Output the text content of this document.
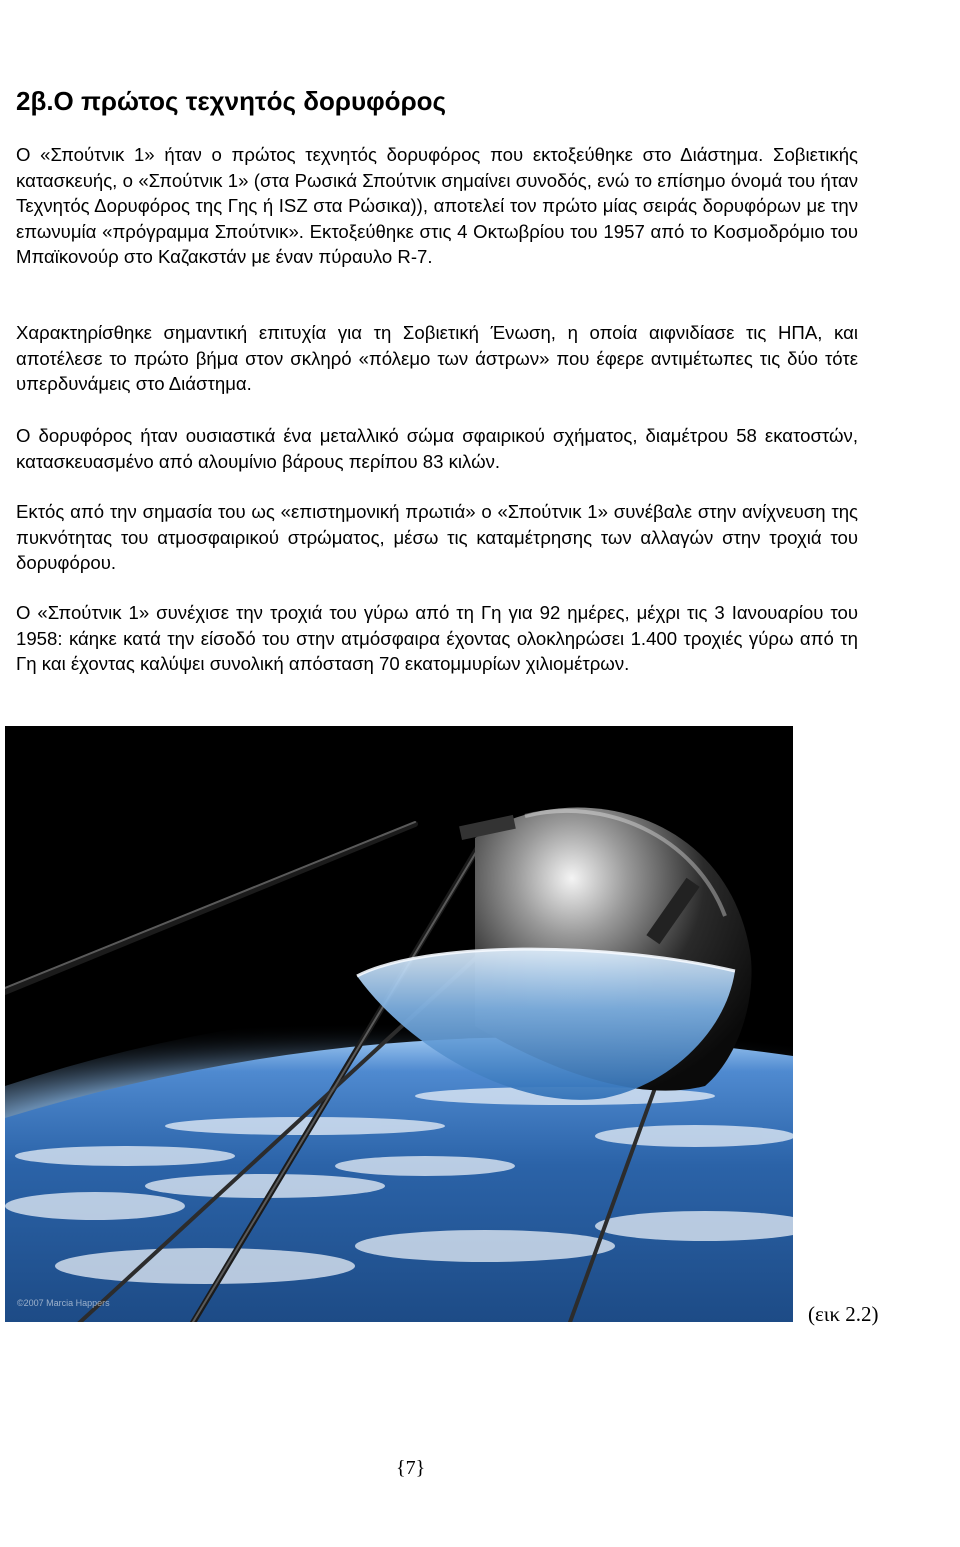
2β.Ο πρώτος τεχνητός δορυφόρος

Ο «Σπούτνικ 1» ήταν ο πρώτος τεχνητός δορυφόρος που εκτοξεύθηκε στο Διάστημα. Σοβιετικής κατασκευής, ο «Σπούτνικ 1» (στα Ρωσικά Σπούτνικ σημαίνει συνοδός, ενώ το επίσημο όνομά του ήταν Τεχνητός Δορυφόρος της Γης ή ISZ στα Ρώσικα)), αποτελεί τον πρώτο μίας σειράς δορυφόρων με την επωνυμία «πρόγραμμα Σπούτνικ». Εκτοξεύθηκε στις 4 Οκτωβρίου του 1957 από το Κοσμοδρόμιο του Μπαϊκονούρ στο Καζακστάν με έναν πύραυλο R-7.

Χαρακτηρίσθηκε σημαντική επιτυχία για τη Σοβιετική Ένωση, η οποία αιφνιδίασε τις ΗΠΑ, και αποτέλεσε το πρώτο βήμα στον σκληρό «πόλεμο των άστρων» που έφερε αντιμέτωπες τις δύο τότε υπερδυνάμεις στο Διάστημα.

Ο δορυφόρος ήταν ουσιαστικά ένα μεταλλικό σώμα σφαιρικού σχήματος, διαμέτρου 58 εκατοστών, κατασκευασμένο από αλουμίνιο βάρους περίπου 83 κιλών.

Εκτός από την σημασία του ως «επιστημονική πρωτιά» ο «Σπούτνικ 1» συνέβαλε στην ανίχνευση της πυκνότητας του ατμοσφαιρικού στρώματος, μέσω τις καταμέτρησης των αλλαγών στην τροχιά του δορυφόρου.

Ο «Σπούτνικ 1» συνέχισε την τροχιά του γύρω από τη Γη για 92 ημέρες, μέχρι τις 3 Ιανουαρίου του 1958: κάηκε κατά την είσοδό του στην ατμόσφαιρα έχοντας ολοκληρώσει 1.400 τροχιές γύρω από τη Γη και έχοντας καλύψει συνολική απόσταση 70 εκατομμυρίων χιλιομέτρων.

©2007 Marcia Happers	(εικ 2.2)
{7}
